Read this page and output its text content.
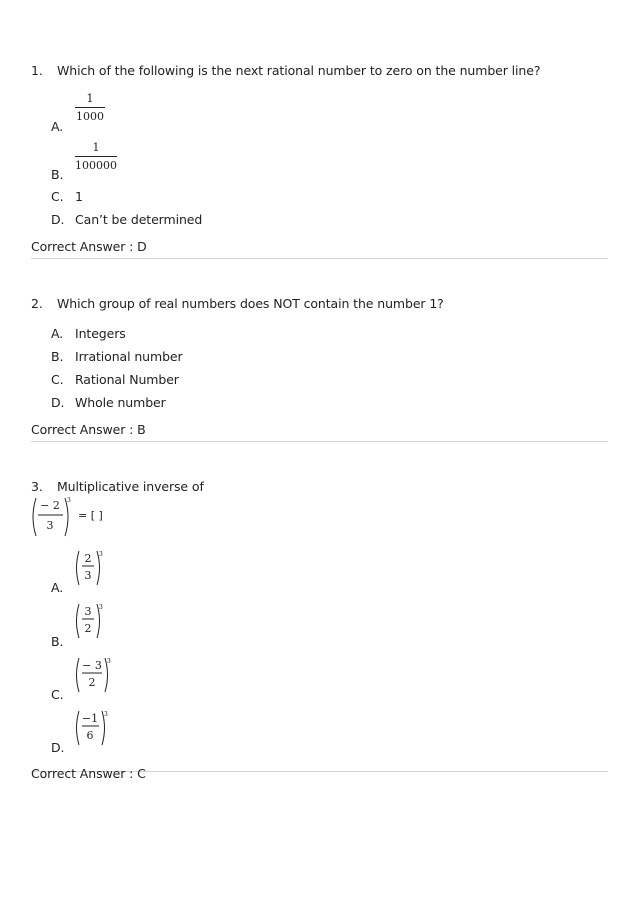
1. Which of the following is the next rational number to zero on the number line?
A.
1
1000
B.
1
100000
C. 1
D. Can’t be determined
Correct Answer : D
2. Which group of real numbers does NOT contain the number 1?
A. Integers
B. Irrational number
C. Rational Number
D. Whole number
Correct Answer : B
3. Multiplicative inverse of
− 2
3
3
= [ ]
A.
2
3
3
B.
3
2
3
C.
− 3
2
3
D.
−1
6
3
Correct Answer : C
